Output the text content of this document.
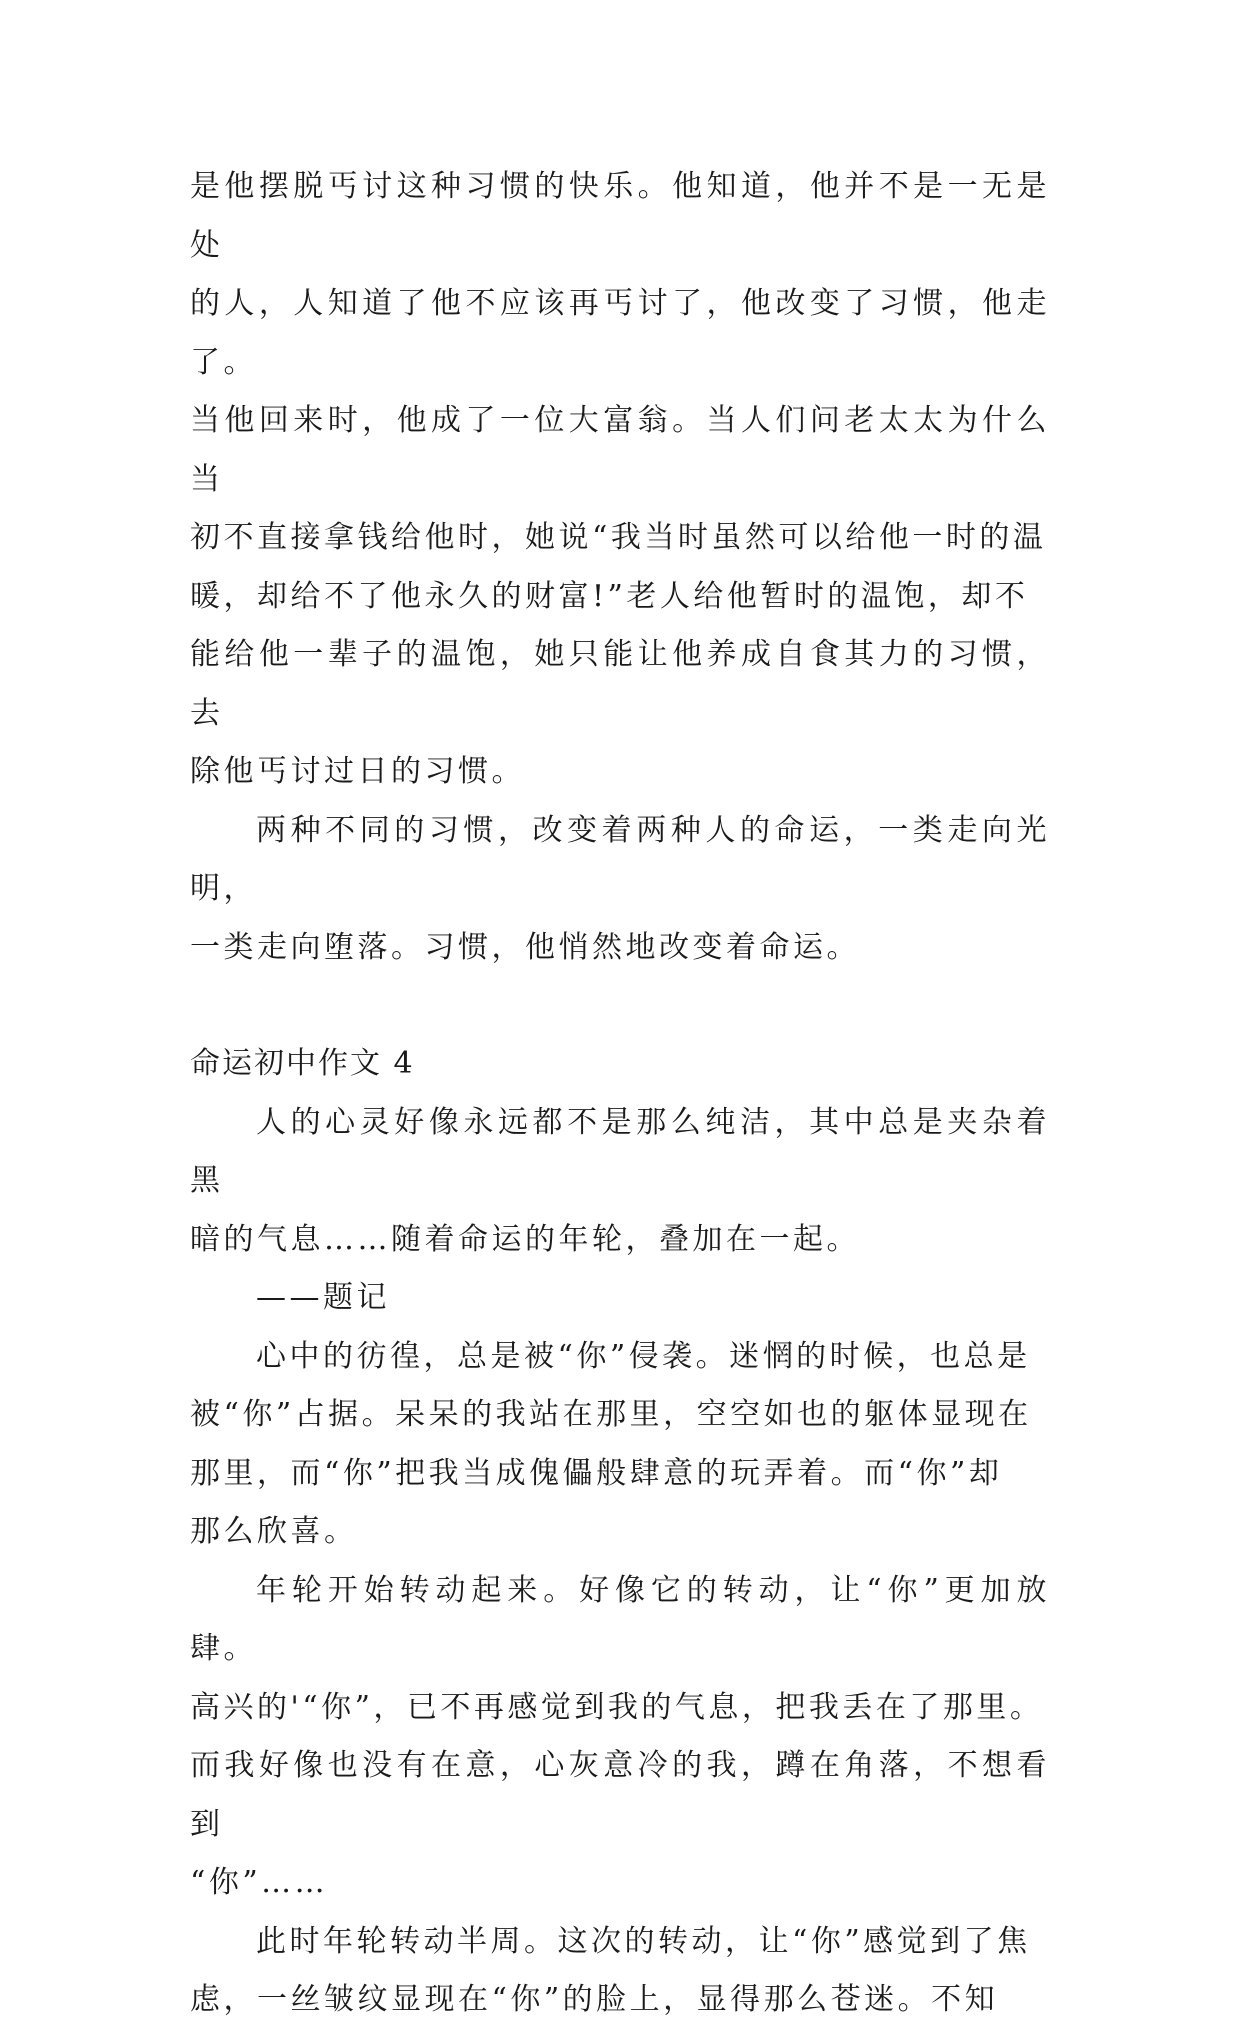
是他摆脱丐讨这种习惯的快乐。他知道，他并不是一无是处
的人，人知道了他不应该再丐讨了，他改变了习惯，他走了。
当他回来时，他成了一位大富翁。当人们问老太太为什么当
初不直接拿钱给他时，她说“我当时虽然可以给他一时的温
暖，却给不了他永久的财富!”老人给他暂时的温饱，却不
能给他一辈子的温饱，她只能让他养成自食其力的习惯，去
除他丐讨过日的习惯。

两种不同的习惯，改变着两种人的命运，一类走向光明，
一类走向堕落。习惯，他悄然地改变着命运。

命运初中作文 4

人的心灵好像永远都不是那么纯洁，其中总是夹杂着黑
暗的气息……随着命运的年轮，叠加在一起。

——题记

心中的彷徨，总是被“你”侵袭。迷惘的时候，也总是
被“你”占据。呆呆的我站在那里，空空如也的躯体显现在
那里，而“你”把我当成傀儡般肆意的玩弄着。而“你”却
那么欣喜。

年轮开始转动起来。好像它的转动，让“你”更加放肆。
高兴的'“你”，已不再感觉到我的气息，把我丢在了那里。
而我好像也没有在意，心灰意冷的我，蹲在角落，不想看到
“你”……

此时年轮转动半周。这次的转动，让“你”感觉到了焦
虑，一丝皱纹显现在“你”的脸上，显得那么苍迷。不知
